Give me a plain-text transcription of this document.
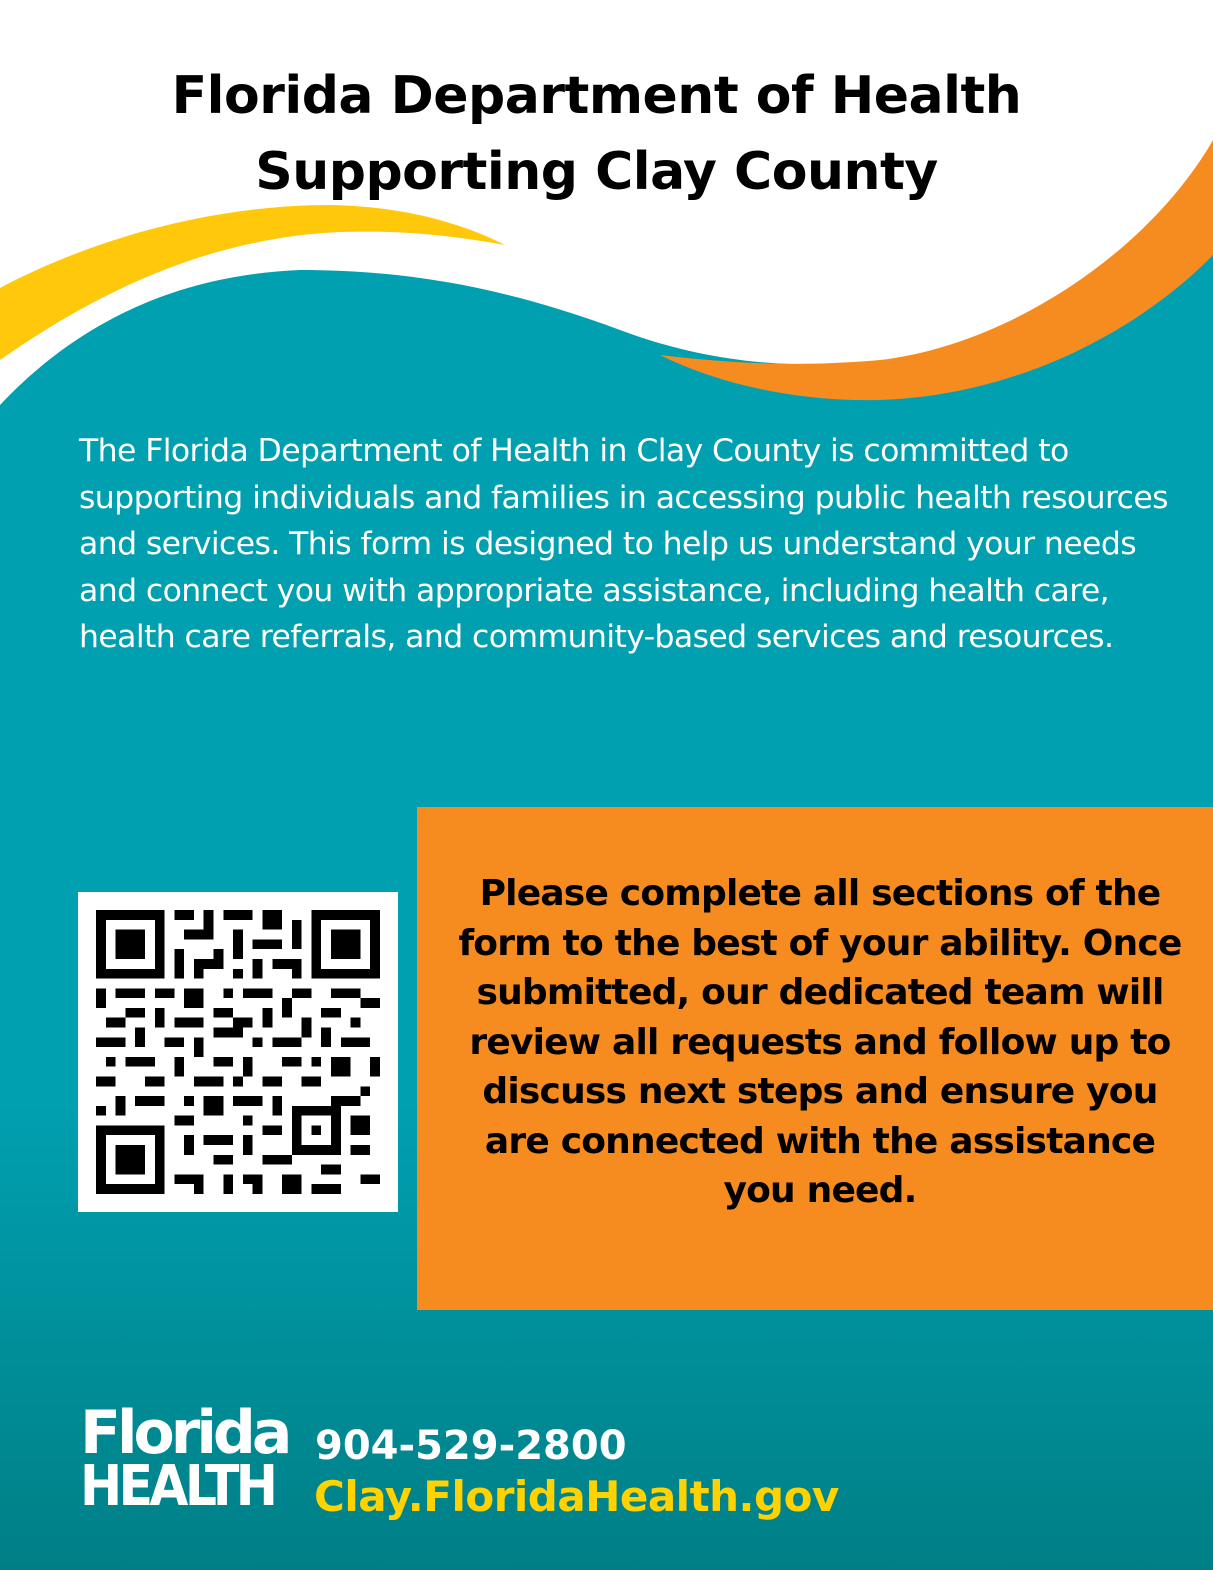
Florida Department of Health
Supporting Clay County

The Florida Department of Health in Clay County is committed to supporting individuals and families in accessing public health resources and services. This form is designed to help us understand your needs and connect you with appropriate assistance, including health care, health care referrals, and community-based services and resources.

Please complete all sections of the form to the best of your ability. Once submitted, our dedicated team will review all requests and follow up to discuss next steps and ensure you are connected with the assistance you need.

Florida
HEALTH
904-529-2800
Clay.FloridaHealth.gov
